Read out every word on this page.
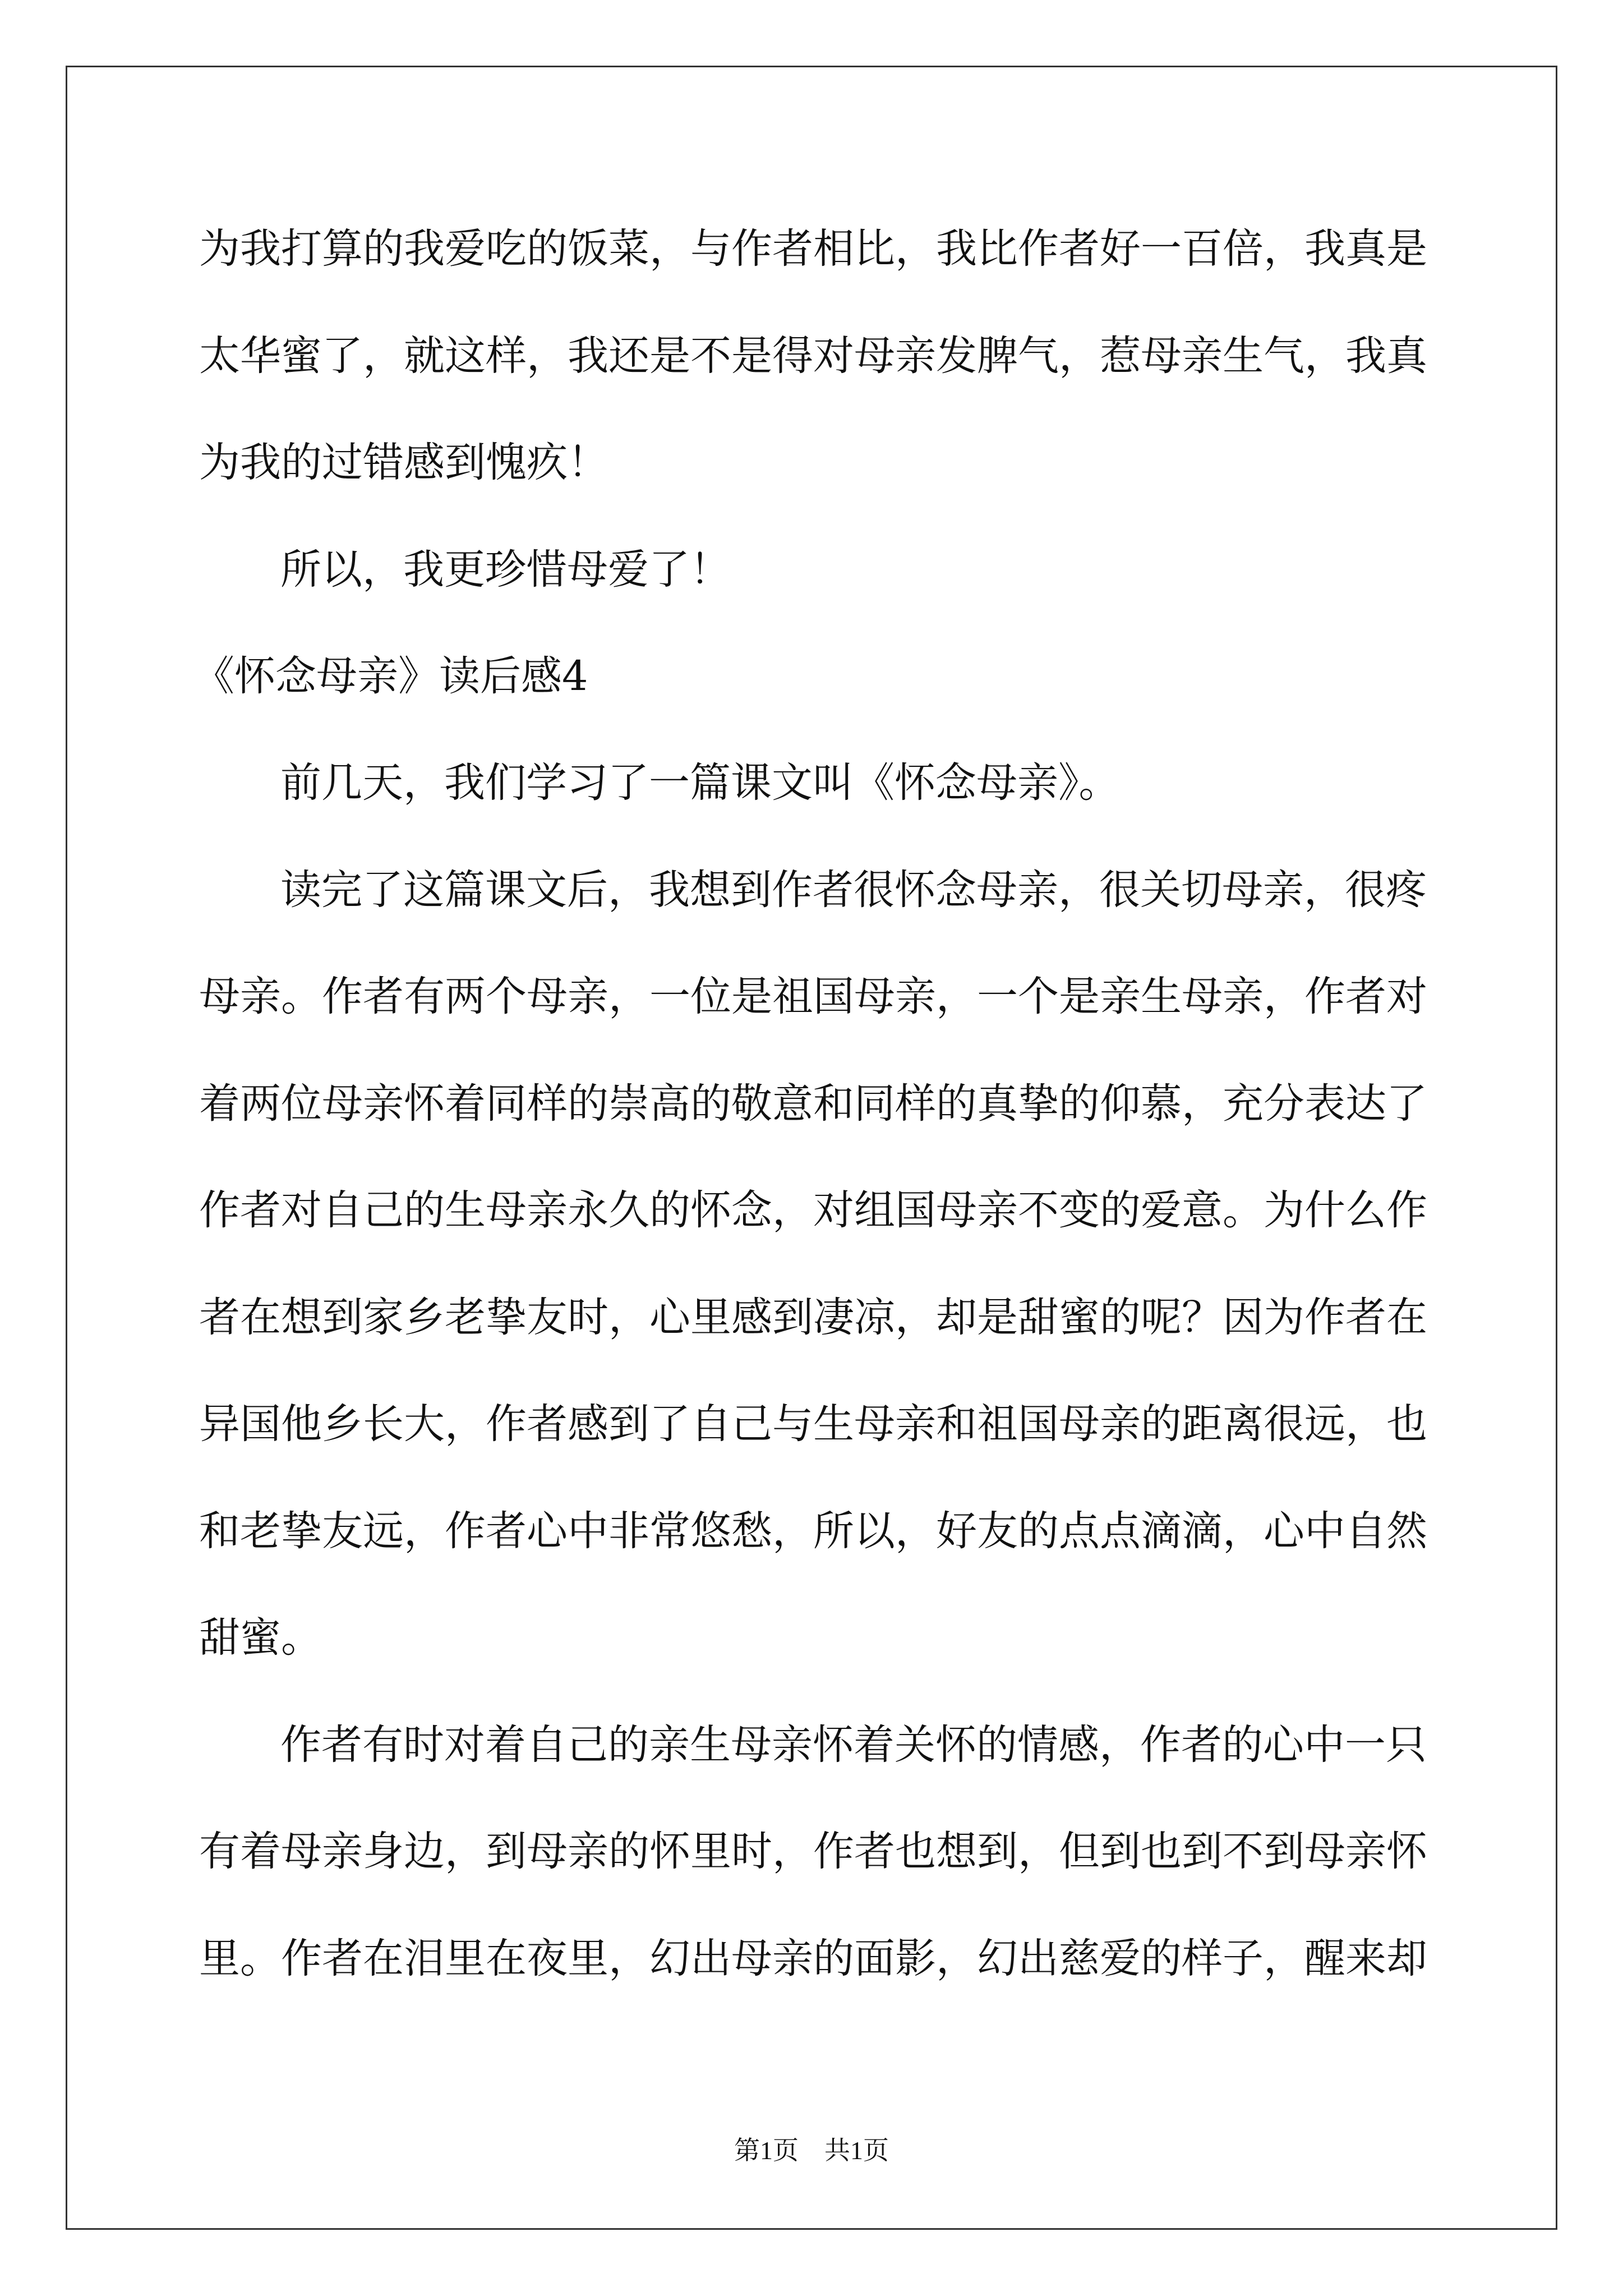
为我打算的我爱吃的饭菜，与作者相比，我比作者好一百倍，我真是
太华蜜了，就这样，我还是不是得对母亲发脾气，惹母亲生气，我真
为我的过错感到愧疚！
所以，我更珍惜母爱了！
《怀念母亲》读后感4
前几天，我们学习了一篇课文叫《怀念母亲》。
读完了这篇课文后，我想到作者很怀念母亲，很关切母亲，很疼
母亲。作者有两个母亲，一位是祖国母亲，一个是亲生母亲，作者对
着两位母亲怀着同样的崇高的敬意和同样的真挚的仰慕，充分表达了
作者对自己的生母亲永久的怀念，对组国母亲不变的爱意。为什么作
者在想到家乡老挚友时，心里感到凄凉，却是甜蜜的呢？因为作者在
异国他乡长大，作者感到了自己与生母亲和祖国母亲的距离很远，也
和老挚友远，作者心中非常悠愁，所以，好友的点点滴滴，心中自然
甜蜜。
作者有时对着自己的亲生母亲怀着关怀的情感，作者的心中一只
有着母亲身边，到母亲的怀里时，作者也想到，但到也到不到母亲怀
里。作者在泪里在夜里，幻出母亲的面影，幻出慈爱的样子，醒来却
第1页　共1页
